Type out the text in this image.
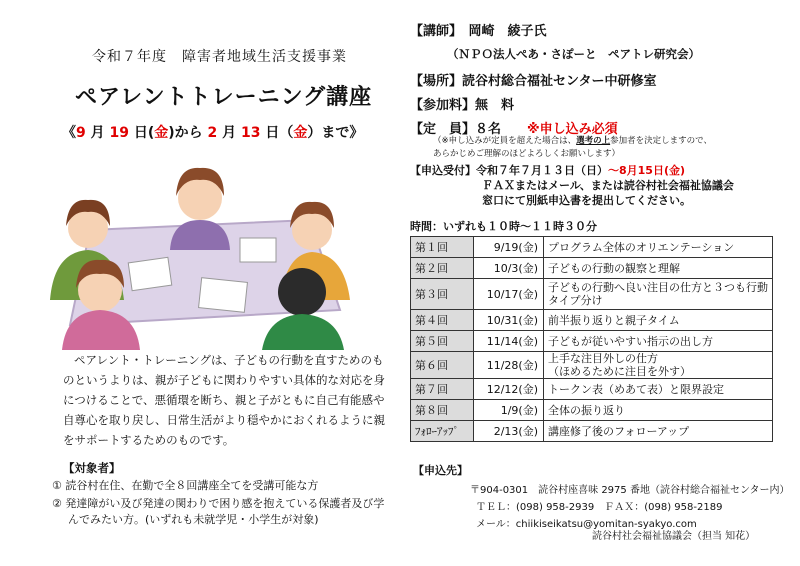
令和７年度　障害者地域生活支援事業
ペアレントトレーニング講座
《9 月 19 日(金)から 2 月 13 日（金）まで》
ペアレント・トレーニングは、子どもの行動を直すためのものというよりは、親が子どもに関わりやすい具体的な対応を身につけることで、悪循環を断ち、親と子がともに自己有能感や自尊心を取り戻し、日常生活がより穏やかにおくれるように親をサポートするためのものです。
【対象者】
① 読谷村在住、在勤で全８回講座全てを受講可能な方
② 発達障がい及び発達の関わりで困り感を抱えている保護者及び学んでみたい方。(いずれも未就学児・小学生が対象)
【講師】　岡崎　綾子氏
（ＮＰＯ法人ぺあ・さぽーと　ペアトレ研究会）
【場所】読谷村総合福祉センター中研修室
【参加料】無　料
【定　員】８名　　 ※申し込み必須
（※申し込みが定員を超えた場合は、選考の上参加者を決定しますので、
あらかじめご理解のほどよろしくお願いします）
【申込受付】令和７年７月１３日（日）～8月15日(金)
ＦＡＸまたはメール、または読谷村社会福祉協議会
窓口にて別紙申込書を提出してください。
時間：いずれも１０時～１１時３０分
第１回	9/19(金)	プログラム全体のオリエンテーション
第２回	10/3(金)	子どもの行動の観察と理解
第３回	10/17(金)	子どもの行動へ良い注目の仕方と３つも行動タイプ分け
第４回	10/31(金)	前半振り返りと親子タイム
第５回	11/14(金)	子どもが従いやすい指示の出し方
第６回	11/28(金)	上手な注目外しの仕方
（ほめるために注目を外す）
第７回	12/12(金)	トークン表（めあて表）と限界設定
第８回	1/9(金)	全体の振り返り
ﾌｫﾛｰｱｯﾌﾟ	2/13(金)	講座修了後のフォローアップ
【申込先】
〒904-0301　読谷村座喜味 2975 番地（読谷村総合福祉センター内）
ＴＥＬ：(098) 958-2939　ＦＡＸ：(098) 958-2189
メール：chiikiseikatsu@yomitan-syakyo.com
読谷村社会福祉協議会（担当 知花）
